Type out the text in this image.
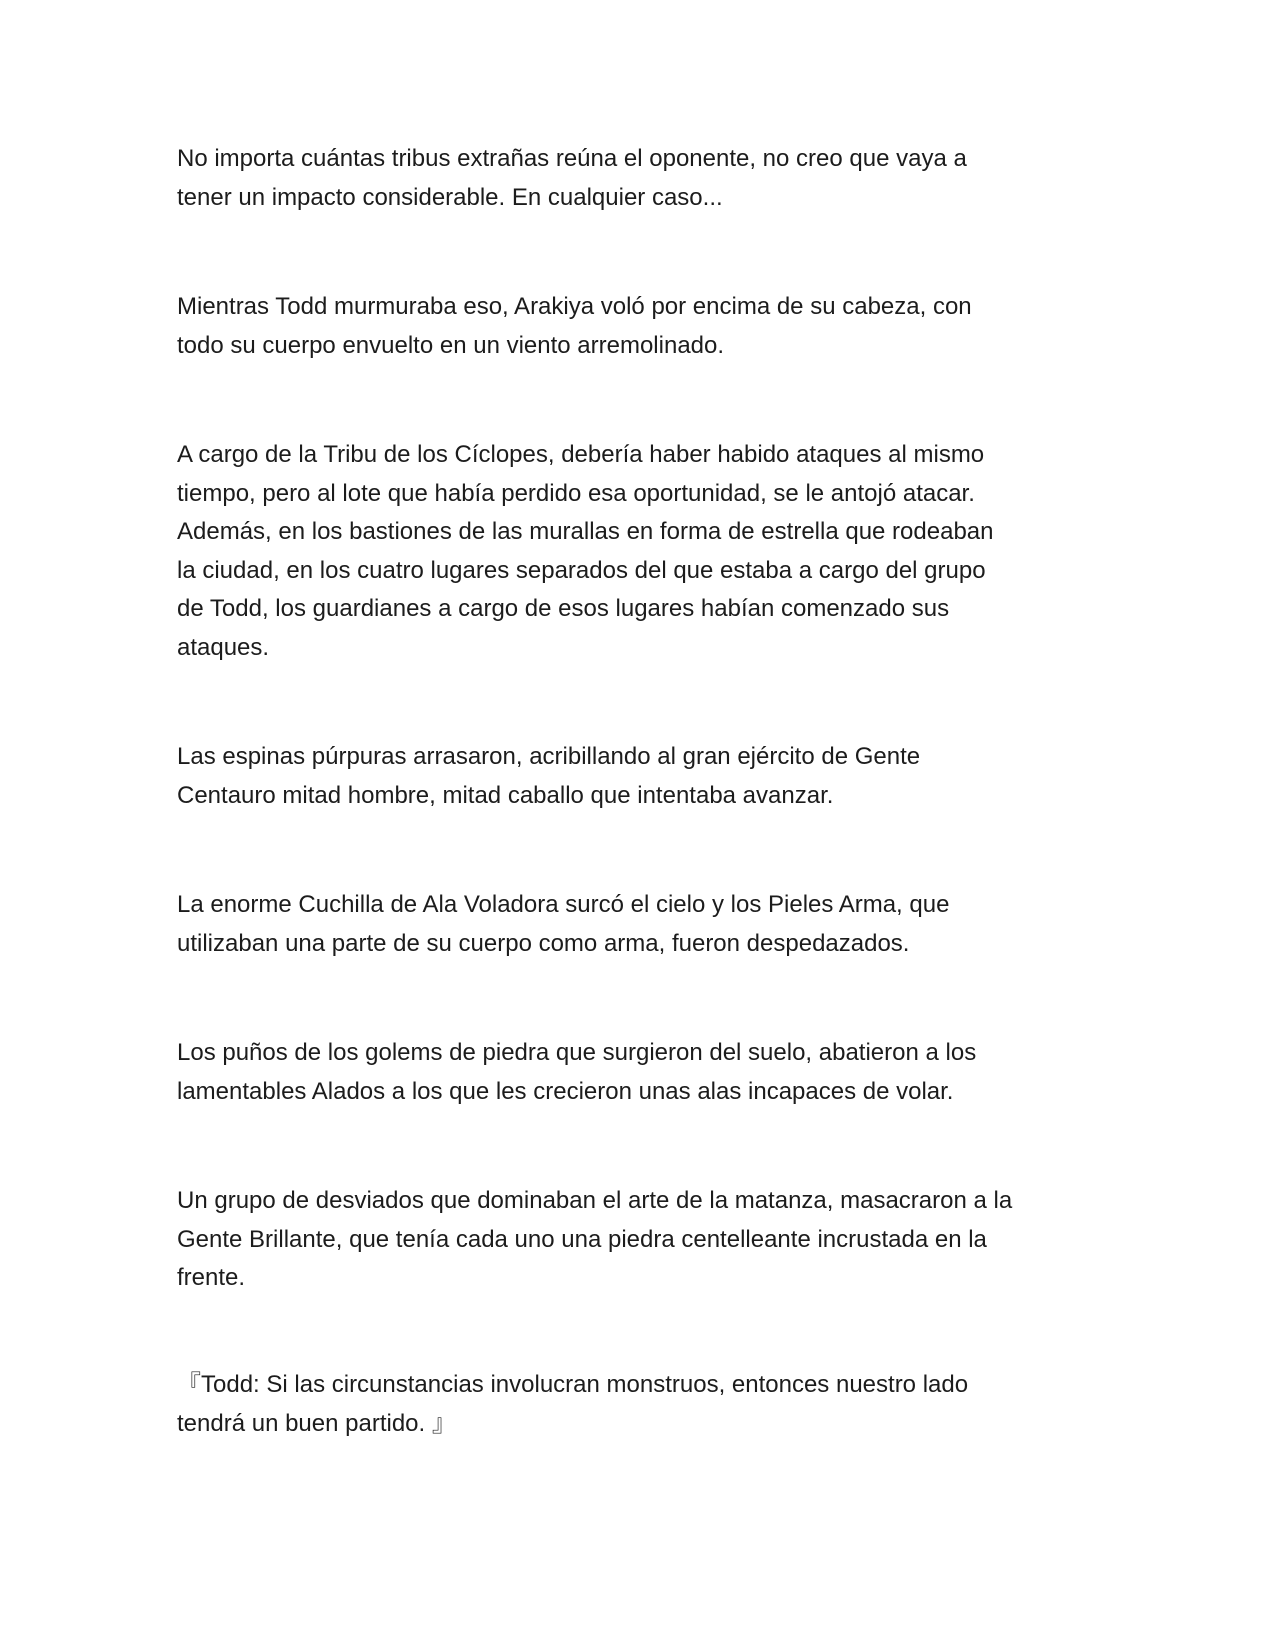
No importa cuántas tribus extrañas reúna el oponente, no creo que vaya a
tener un impacto considerable. En cualquier caso...

Mientras Todd murmuraba eso, Arakiya voló por encima de su cabeza, con
todo su cuerpo envuelto en un viento arremolinado.

A cargo de la Tribu de los Cíclopes, debería haber habido ataques al mismo
tiempo, pero al lote que había perdido esa oportunidad, se le antojó atacar.
Además, en los bastiones de las murallas en forma de estrella que rodeaban
la ciudad, en los cuatro lugares separados del que estaba a cargo del grupo
de Todd, los guardianes a cargo de esos lugares habían comenzado sus
ataques.

Las espinas púrpuras arrasaron, acribillando al gran ejército de Gente
Centauro mitad hombre, mitad caballo que intentaba avanzar.

La enorme Cuchilla de Ala Voladora surcó el cielo y los Pieles Arma, que
utilizaban una parte de su cuerpo como arma, fueron despedazados.

Los puños de los golems de piedra que surgieron del suelo, abatieron a los
lamentables Alados a los que les crecieron unas alas incapaces de volar.

Un grupo de desviados que dominaban el arte de la matanza, masacraron a la
Gente Brillante, que tenía cada uno una piedra centelleante incrustada en la
frente.

『Todd: Si las circunstancias involucran monstruos, entonces nuestro lado
tendrá un buen partido. 』
